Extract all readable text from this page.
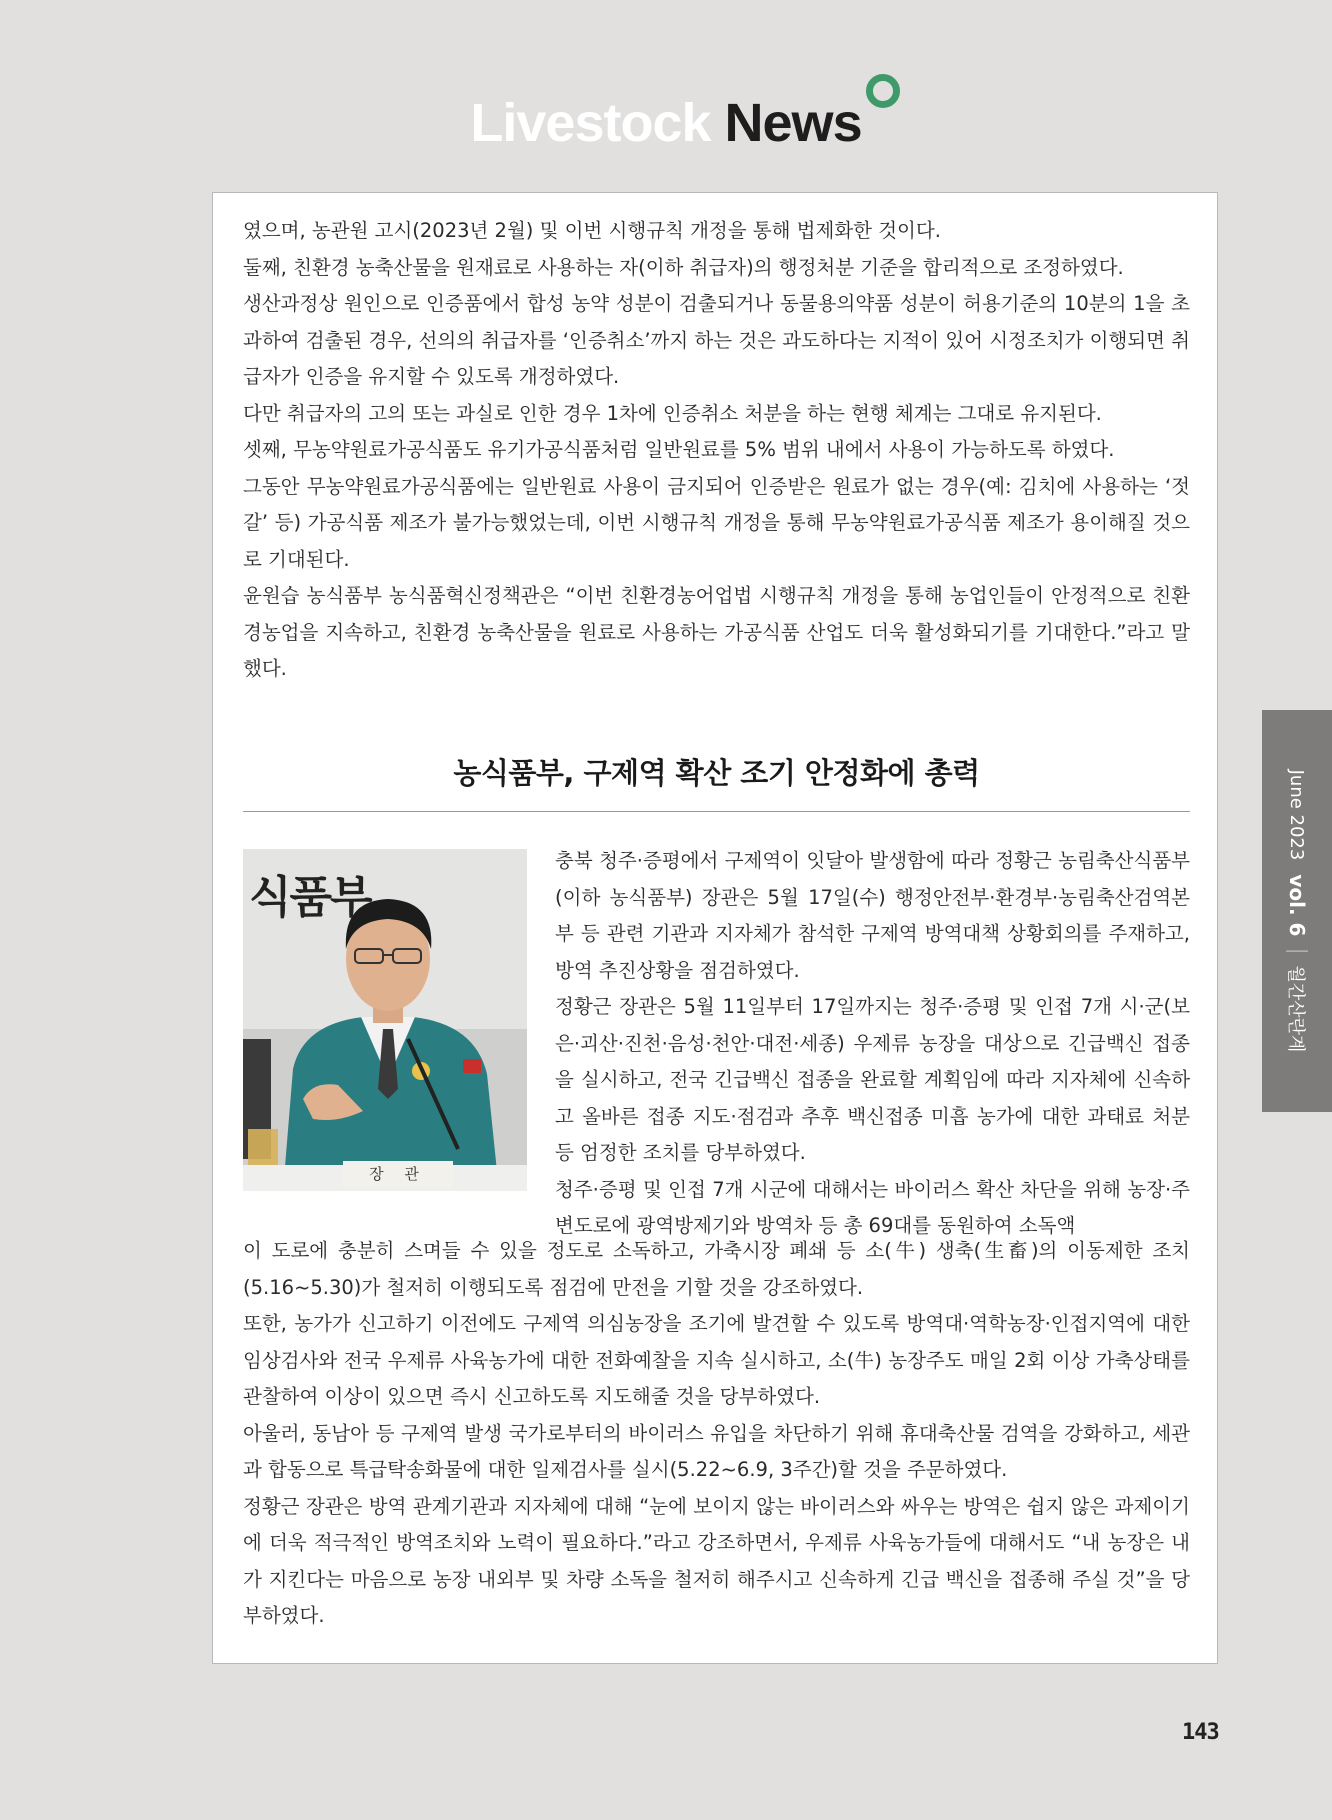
Livestock News

였으며, 농관원 고시(2023년 2월) 및 이번 시행규칙 개정을 통해 법제화한 것이다.

둘째, 친환경 농축산물을 원재료로 사용하는 자(이하 취급자)의 행정처분 기준을 합리적으로 조정하였다.

생산과정상 원인으로 인증품에서 합성 농약 성분이 검출되거나 동물용의약품 성분이 허용기준의 10분의 1을 초과하여 검출된 경우, 선의의 취급자를 ‘인증취소’까지 하는 것은 과도하다는 지적이 있어 시정조치가 이행되면 취급자가 인증을 유지할 수 있도록 개정하였다.

다만 취급자의 고의 또는 과실로 인한 경우 1차에 인증취소 처분을 하는 현행 체계는 그대로 유지된다.

셋째, 무농약원료가공식품도 유기가공식품처럼 일반원료를 5% 범위 내에서 사용이 가능하도록 하였다.

그동안 무농약원료가공식품에는 일반원료 사용이 금지되어 인증받은 원료가 없는 경우(예: 김치에 사용하는 ‘젓갈’ 등) 가공식품 제조가 불가능했었는데, 이번 시행규칙 개정을 통해 무농약원료가공식품 제조가 용이해질 것으로 기대된다.

윤원습 농식품부 농식품혁신정책관은 “이번 친환경농어업법 시행규칙 개정을 통해 농업인들이 안정적으로 친환경농업을 지속하고, 친환경 농축산물을 원료로 사용하는 가공식품 산업도 더욱 활성화되기를 기대한다.”라고 말했다.

농식품부, 구제역 확산 조기 안정화에 총력
식품부
장 관

충북 청주·증평에서 구제역이 잇달아 발생함에 따라 정황근 농림축산식품부(이하 농식품부) 장관은 5월 17일(수) 행정안전부·환경부·농림축산검역본부 등 관련 기관과 지자체가 참석한 구제역 방역대책 상황회의를 주재하고, 방역 추진상황을 점검하였다.

정황근 장관은 5월 11일부터 17일까지는 청주·증평 및 인접 7개 시·군(보은·괴산·진천·음성·천안·대전·세종) 우제류 농장을 대상으로 긴급백신 접종을 실시하고, 전국 긴급백신 접종을 완료할 계획임에 따라 지자체에 신속하고 올바른 접종 지도·점검과 추후 백신접종 미흡 농가에 대한 과태료 처분 등 엄정한 조치를 당부하였다.

청주·증평 및 인접 7개 시군에 대해서는 바이러스 확산 차단을 위해 농장·주변도로에 광역방제기와 방역차 등 총 69대를 동원하여 소독액

이 도로에 충분히 스며들 수 있을 정도로 소독하고, 가축시장 폐쇄 등 소(牛) 생축(生畜)의 이동제한 조치(5.16~5.30)가 철저히 이행되도록 점검에 만전을 기할 것을 강조하였다.

또한, 농가가 신고하기 이전에도 구제역 의심농장을 조기에 발견할 수 있도록 방역대·역학농장·인접지역에 대한 임상검사와 전국 우제류 사육농가에 대한 전화예찰을 지속 실시하고, 소(牛) 농장주도 매일 2회 이상 가축상태를 관찰하여 이상이 있으면 즉시 신고하도록 지도해줄 것을 당부하였다.

아울러, 동남아 등 구제역 발생 국가로부터의 바이러스 유입을 차단하기 위해 휴대축산물 검역을 강화하고, 세관과 합동으로 특급탁송화물에 대한 일제검사를 실시(5.22~6.9, 3주간)할 것을 주문하였다.

정황근 장관은 방역 관계기관과 지자체에 대해 “눈에 보이지 않는 바이러스와 싸우는 방역은 쉽지 않은 과제이기에 더욱 적극적인 방역조치와 노력이 필요하다.”라고 강조하면서, 우제류 사육농가들에 대해서도 “내 농장은 내가 지킨다는 마음으로 농장 내외부 및 차량 소독을 철저히 해주시고 신속하게 긴급 백신을 접종해 주실 것”을 당부하였다.

June 2023
vol. 6
월간산란계
143
